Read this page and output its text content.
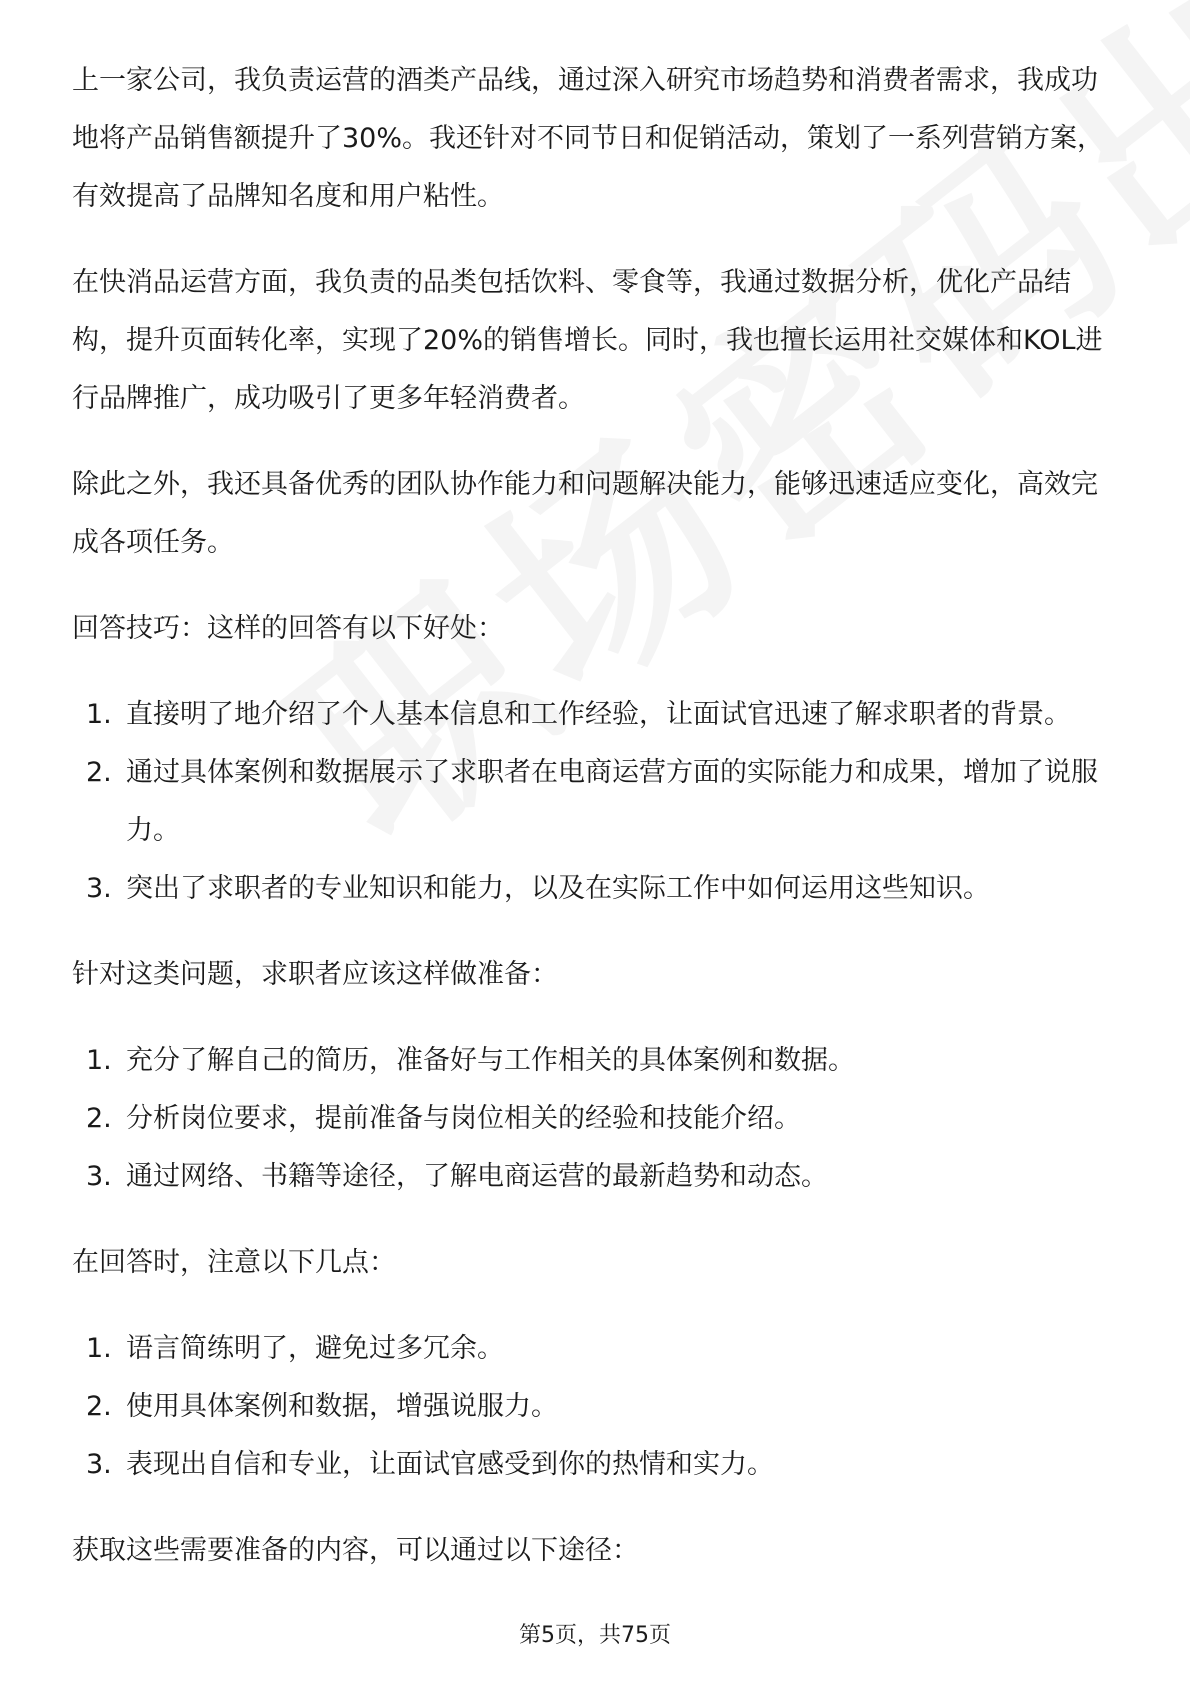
上一家公司，我负责运营的酒类产品线，通过深入研究市场趋势和消费者需求，我成功地将产品销售额提升了30%。我还针对不同节日和促销活动，策划了一系列营销方案，有效提高了品牌知名度和用户粘性。

在快消品运营方面，我负责的品类包括饮料、零食等，我通过数据分析，优化产品结构，提升页面转化率，实现了20%的销售增长。同时，我也擅长运用社交媒体和KOL进行品牌推广，成功吸引了更多年轻消费者。

除此之外，我还具备优秀的团队协作能力和问题解决能力，能够迅速适应变化，高效完成各项任务。

回答技巧：这样的回答有以下好处：

1. 直接明了地介绍了个人基本信息和工作经验，让面试官迅速了解求职者的背景。
2. 通过具体案例和数据展示了求职者在电商运营方面的实际能力和成果，增加了说服力。
3. 突出了求职者的专业知识和能力，以及在实际工作中如何运用这些知识。

针对这类问题，求职者应该这样做准备：

1. 充分了解自己的简历，准备好与工作相关的具体案例和数据。
2. 分析岗位要求，提前准备与岗位相关的经验和技能介绍。
3. 通过网络、书籍等途径，了解电商运营的最新趋势和动态。

在回答时，注意以下几点：

1. 语言简练明了，避免过多冗余。
2. 使用具体案例和数据，增强说服力。
3. 表现出自信和专业，让面试官感受到你的热情和实力。

获取这些需要准备的内容，可以通过以下途径：

第5页，共75页
